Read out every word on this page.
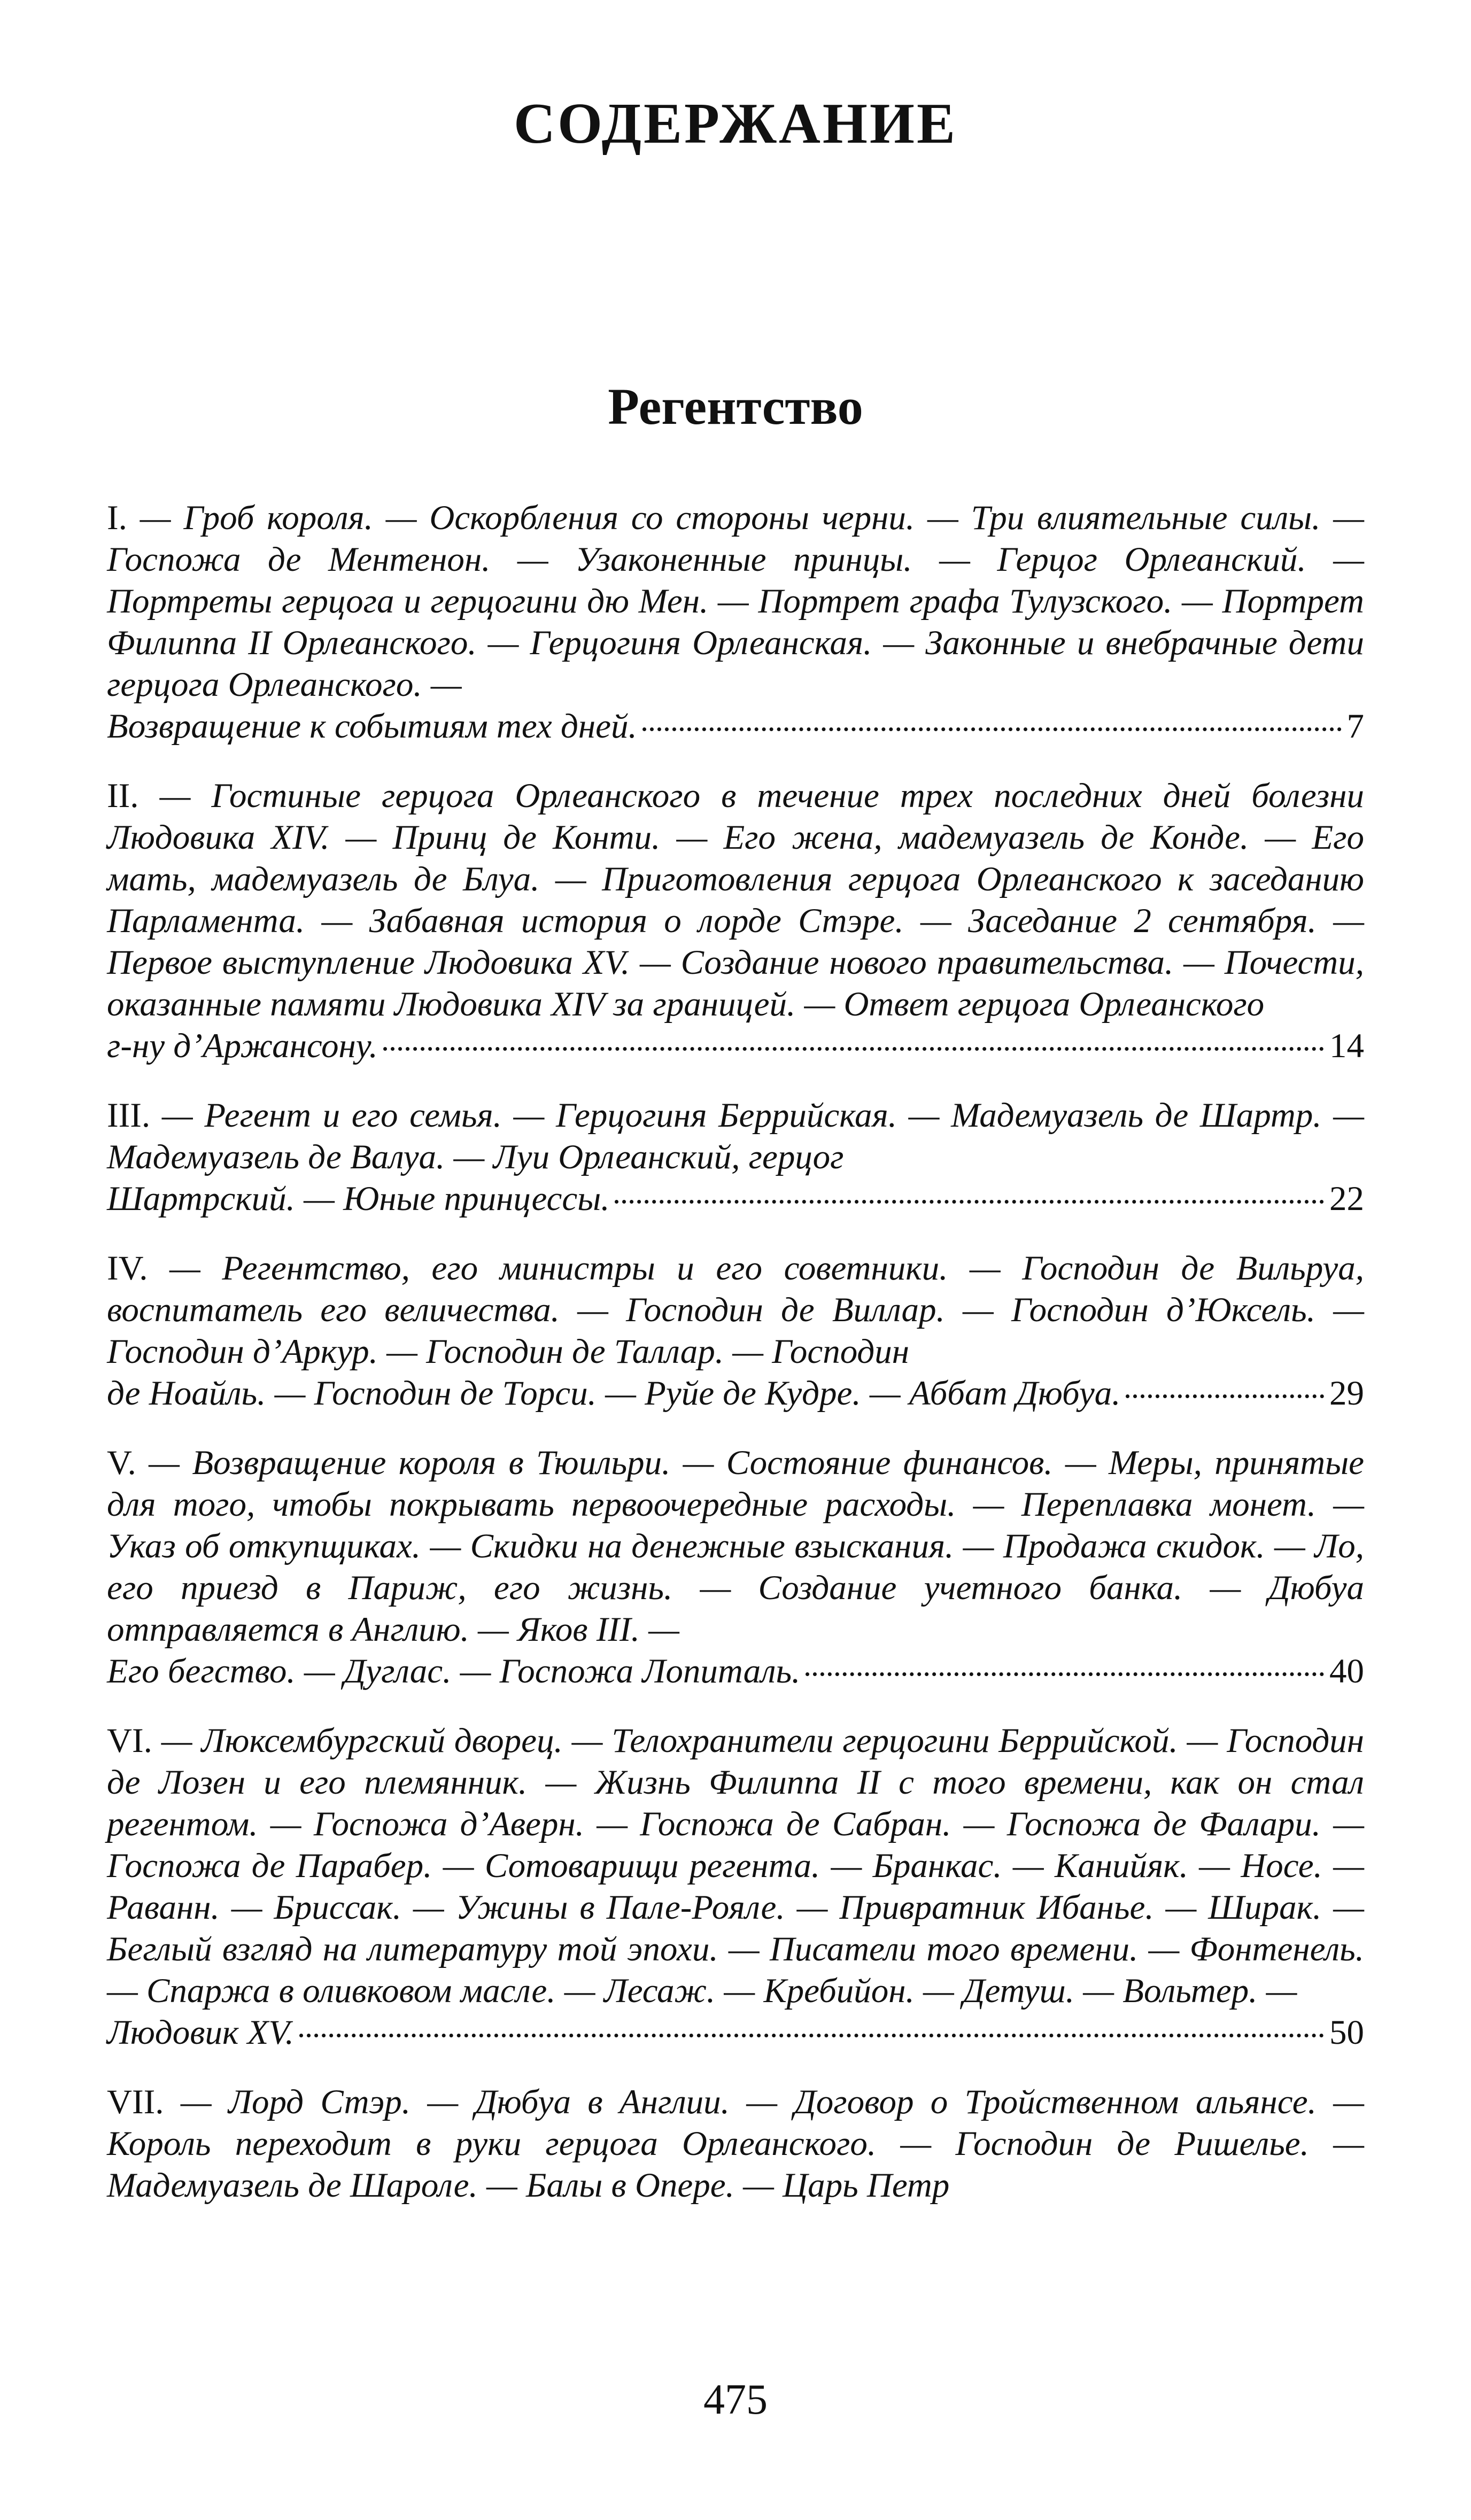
СОДЕРЖАНИЕ
Регентство
I. — Гроб короля. — Оскорбления со стороны черни. — Три влиятельные силы. — Госпожа де Ментенон. — Узаконенные принцы. — Герцог Орлеанский. — Портреты герцога и герцогини дю Мен. — Портрет графа Тулузского. — Портрет Филиппа II Орлеанского. — Герцогиня Орлеанская. — Законные и внебрачные дети герцога Орлеанского. —
Возвращение к событиям тех дней.	7
II. — Гостиные герцога Орлеанского в течение трех последних дней болезни Людовика XIV. — Принц де Конти. — Его жена, мадемуазель де Конде. — Его мать, мадемуазель де Блуа. — Приготовления герцога Орлеанского к заседанию Парламента. — Забавная история о лорде Стэре. — Заседание 2 сентября. — Первое выступление Людовика XV. — Создание нового правительства. — Почести, оказанные памяти Людовика XIV за границей. — Ответ герцога Орлеанского
г-ну д’Аржансону.	14
III. — Регент и его семья. — Герцогиня Беррийская. — Мадемуазель де Шартр. — Мадемуазель де Валуа. — Луи Орлеанский, герцог
Шартрский. — Юные принцессы.	22
IV. — Регентство, его министры и его советники. — Господин де Вильруа, воспитатель его величества. — Господин де Виллар. — Господин д’Юксель. — Господин д’Аркур. — Господин де Таллар. — Господин
де Ноайль. — Господин де Торси. — Руйе де Кудре. — Аббат Дюбуа.	29
V. — Возвращение короля в Тюильри. — Состояние финансов. — Меры, принятые для того, чтобы покрывать первоочередные расходы. — Переплавка монет. — Указ об откупщиках. — Скидки на денежные взыскания. — Продажа скидок. — Ло, его приезд в Париж, его жизнь. — Создание учетного банка. — Дюбуа отправляется в Англию. — Яков III. —
Его бегство. — Дуглас. — Госпожа Лопиталь.	40
VI. — Люксембургский дворец. — Телохранители герцогини Беррийской. — Господин де Лозен и его племянник. — Жизнь Филиппа II с того времени, как он стал регентом. — Госпожа д’Аверн. — Госпожа де Сабран. — Госпожа де Фалари. — Госпожа де Парабер. — Сотоварищи регента. — Бранкас. — Канийяк. — Носе. — Раванн. — Бриссак. — Ужины в Пале-Рояле. — Привратник Ибанье. — Ширак. — Беглый взгляд на литературу той эпохи. — Писатели того времени. — Фонтенель. — Спаржа в оливковом масле. — Лесаж. — Кребийон. — Детуш. — Вольтер. —
Людовик XV.	50
VII. — Лорд Стэр. — Дюбуа в Англии. — Договор о Тройственном альянсе. — Король переходит в руки герцога Орлеанского. — Господин де Ришелье. — Мадемуазель де Шароле. — Балы в Опере. — Царь Петр
475
